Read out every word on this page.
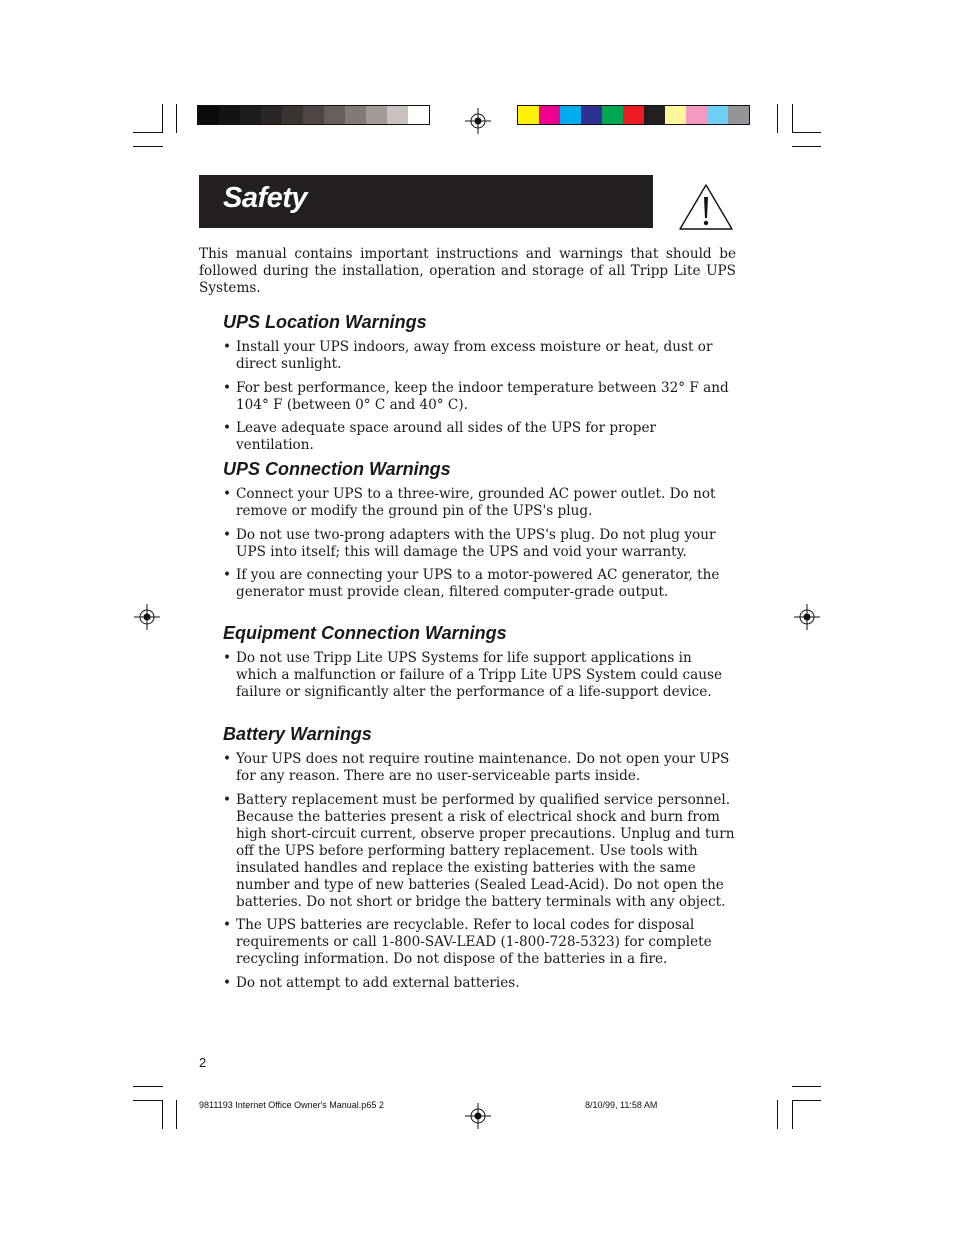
Safety

This manual contains important instructions and warnings that should be followed during the installation, operation and storage of all Tripp Lite UPS Systems.

UPS Location Warnings
• Install your UPS indoors, away from excess moisture or heat, dust or direct sunlight.
• For best performance, keep the indoor temperature between 32° F and 104° F (between 0° C and 40° C).
• Leave adequate space around all sides of the UPS for proper ventilation.
UPS Connection Warnings
• Connect your UPS to a three-wire, grounded AC power outlet. Do not remove or modify the ground pin of the UPS's plug.
• Do not use two-prong adapters with the UPS's plug. Do not plug your UPS into itself; this will damage the UPS and void your warranty.
• If you are connecting your UPS to a motor-powered AC generator, the generator must provide clean, filtered computer-grade output.
Equipment Connection Warnings
• Do not use Tripp Lite UPS Systems for life support applications in which a malfunction or failure of a Tripp Lite UPS System could cause failure or significantly alter the performance of a life-support device.
Battery Warnings
• Your UPS does not require routine maintenance. Do not open your UPS for any reason. There are no user-serviceable parts inside.
• Battery replacement must be performed by qualified service personnel. Because the batteries present a risk of electrical shock and burn from high short-circuit current, observe proper precautions. Unplug and turn off the UPS before performing battery replacement. Use tools with insulated handles and replace the existing batteries with the same number and type of new batteries (Sealed Lead-Acid). Do not open the batteries. Do not short or bridge the battery terminals with any object.
• The UPS batteries are recyclable. Refer to local codes for disposal requirements or call 1-800-SAV-LEAD (1-800-728-5323) for complete recycling information. Do not dispose of the batteries in a fire.
• Do not attempt to add external batteries.
2
9811193 Internet Office Owner's Manual.p65 2	8/10/99, 11:58 AM
